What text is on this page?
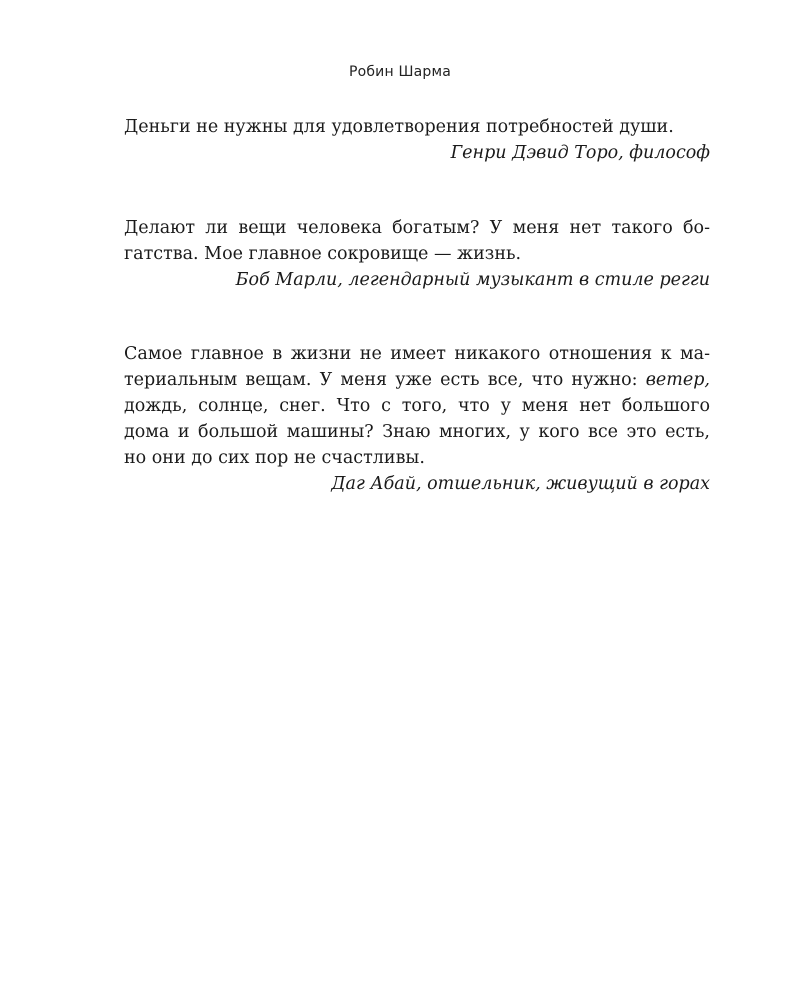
Робин Шарма

Деньги не нужны для удовлетворения потребностей души.

Генри Дэвид Торо, философ

Делают ли вещи человека богатым? У меня нет такого бо-
гатства. Мое главное сокровище — жизнь.

Боб Марли, легендарный музыкант в стиле регги

Самое главное в жизни не имеет никакого отношения к ма-
териальным вещам. У меня уже есть все, что нужно: ветер,
дождь, солнце, снег. Что с того, что у меня нет большого
дома и большой машины? Знаю многих, у кого все это есть,
но они до сих пор не счастливы.

Даг Абай, отшельник, живущий в горах
